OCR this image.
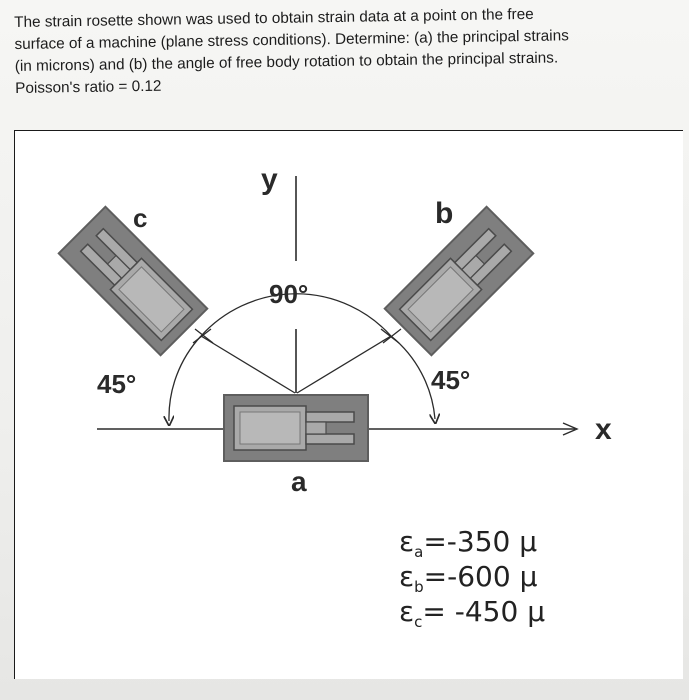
The strain rosette shown was used to obtain strain data at a point on the free

surface of a machine (plane stress conditions). Determine: (a) the principal strains

(in microns) and (b) the angle of free body rotation to obtain the principal strains.

Poisson's ratio = 0.12

y
x
a
b
c
90°
45°	45°
$\varepsilon_a=-350$ μ
$\varepsilon_b=-600$ μ
$\varepsilon_c= -450$ μ
